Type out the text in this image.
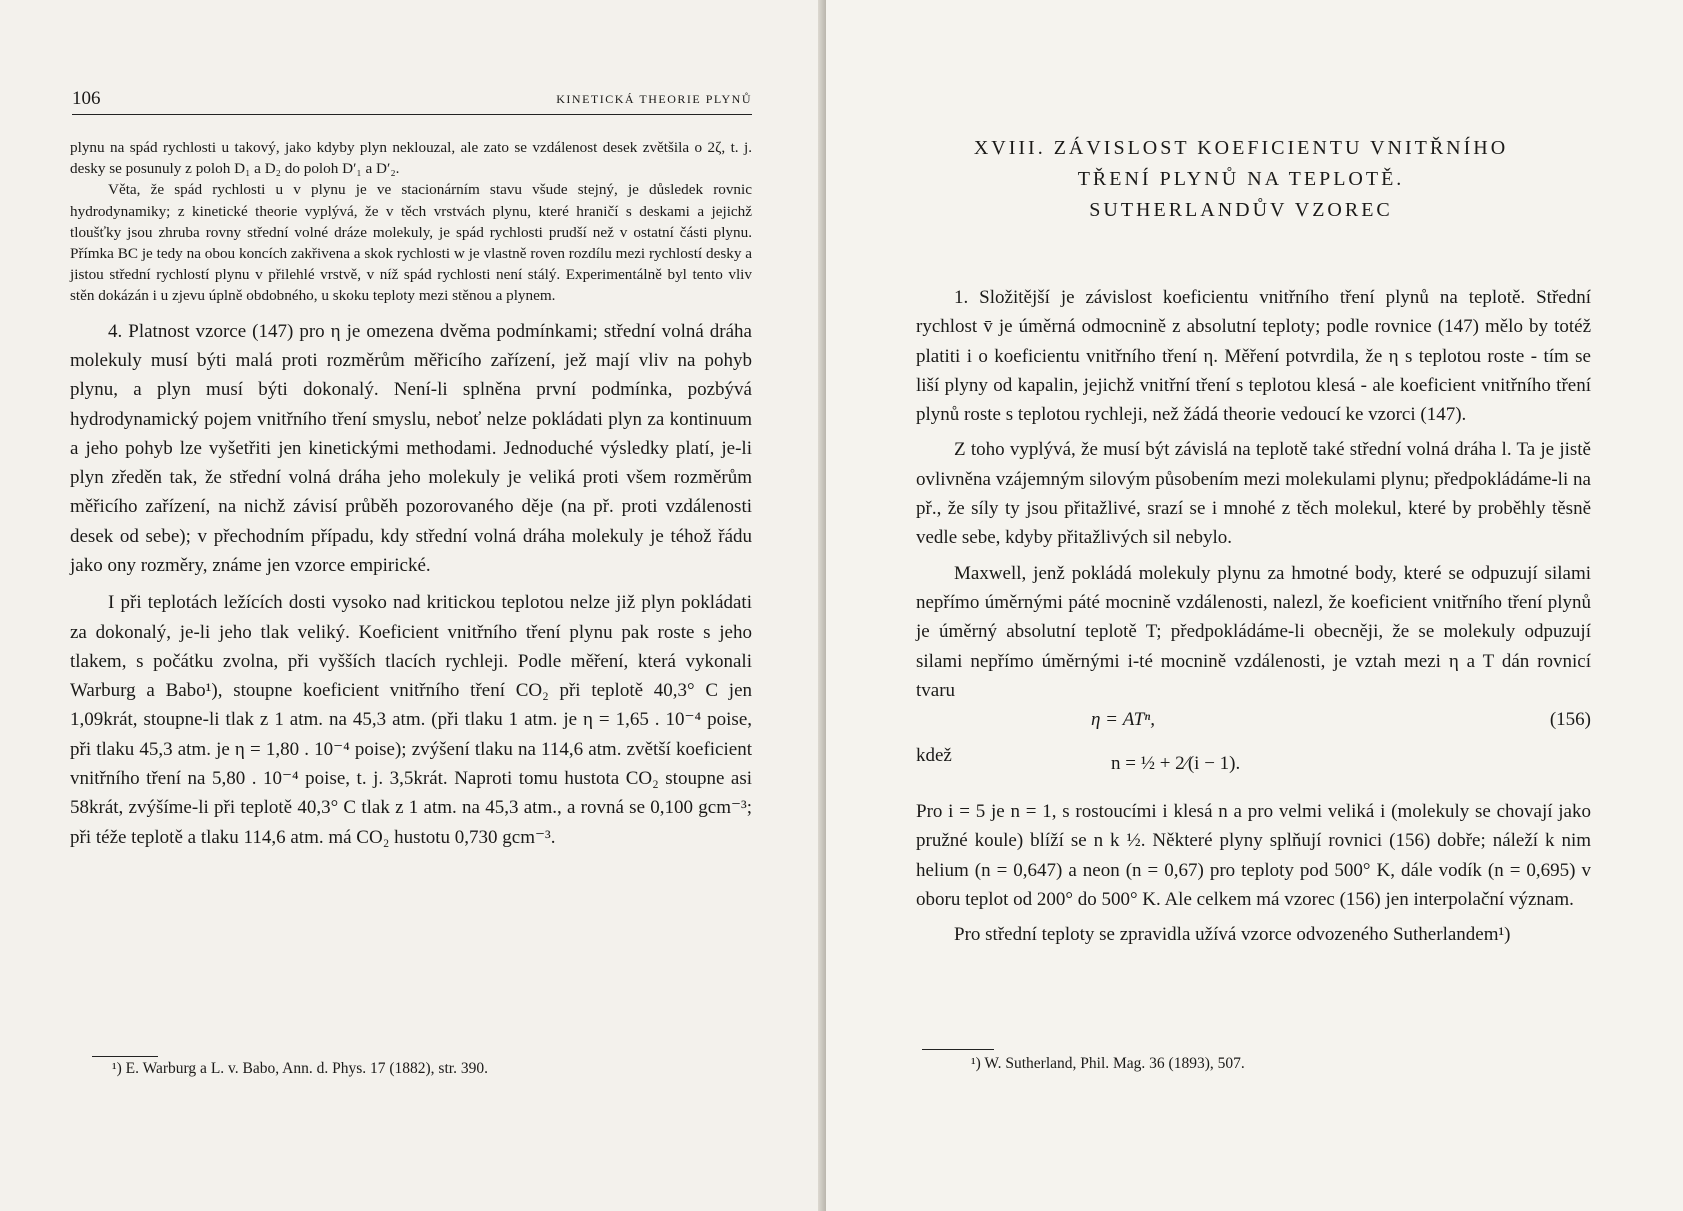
106	KINETICKÁ THEORIE PLYNŮ

plynu na spád rychlosti u takový, jako kdyby plyn neklouzal, ale zato se vzdálenost desek zvětšila o 2ζ, t. j. desky se posunuly z poloh D₁ a D₂ do poloh D′₁ a D′₂.

Věta, že spád rychlosti u v plynu je ve stacionárním stavu všude stejný, je důsledek rovnic hydrodynamiky; z kinetické theorie vyplývá, že v těch vrstvách plynu, které hraničí s deskami a jejichž tloušťky jsou zhruba rovny střední volné dráze molekuly, je spád rychlosti prudší než v ostatní části plynu. Přímka BC je tedy na obou koncích zakřivena a skok rychlosti w je vlastně roven rozdílu mezi rychlostí desky a jistou střední rychlostí plynu v přilehlé vrstvě, v níž spád rychlosti není stálý. Experimentálně byl tento vliv stěn dokázán i u zjevu úplně obdobného, u skoku teploty mezi stěnou a plynem.

4. Platnost vzorce (147) pro η je omezena dvěma podmínkami; střední volná dráha molekuly musí býti malá proti rozměrům měřicího zařízení, jež mají vliv na pohyb plynu, a plyn musí býti dokonalý. Není-li splněna první podmínka, pozbývá hydrodynamický pojem vnitřního tření smyslu, neboť nelze pokládati plyn za kontinuum a jeho pohyb lze vyšetřiti jen kinetickými methodami. Jednoduché výsledky platí, je-li plyn zředěn tak, že střední volná dráha jeho molekuly je veliká proti všem rozměrům měřicího zařízení, na nichž závisí průběh pozorovaného děje (na př. proti vzdálenosti desek od sebe); v přechodním případu, kdy střední volná dráha molekuly je téhož řádu jako ony rozměry, známe jen vzorce empirické.

I při teplotách ležících dosti vysoko nad kritickou teplotou nelze již plyn pokládati za dokonalý, je-li jeho tlak veliký. Koeficient vnitřního tření plynu pak roste s jeho tlakem, s počátku zvolna, při vyšších tlacích rychleji. Podle měření, která vykonali Warburg a Babo¹), stoupne koeficient vnitřního tření CO₂ při teplotě 40,3° C jen 1,09krát, stoupne-li tlak z 1 atm. na 45,3 atm. (při tlaku 1 atm. je η = 1,65 . 10⁻⁴ poise, při tlaku 45,3 atm. je η = 1,80 . 10⁻⁴ poise); zvýšení tlaku na 114,6 atm. zvětší koeficient vnitřního tření na 5,80 . 10⁻⁴ poise, t. j. 3,5krát. Naproti tomu hustota CO₂ stoupne asi 58krát, zvýšíme-li při teplotě 40,3° C tlak z 1 atm. na 45,3 atm., a rovná se 0,100 gcm⁻³; při téže teplotě a tlaku 114,6 atm. má CO₂ hustotu 0,730 gcm⁻³.

¹) E. Warburg a L. v. Babo, Ann. d. Phys. 17 (1882), str. 390.
XVIII. ZÁVISLOST KOEFICIENTU VNITŘNÍHO
TŘENÍ PLYNŮ NA TEPLOTĚ.
SUTHERLANDŮV VZOREC

1. Složitější je závislost koeficientu vnitřního tření plynů na teplotě. Střední rychlost v̄ je úměrná odmocnině z absolutní teploty; podle rovnice (147) mělo by totéž platiti i o koeficientu vnitřního tření η. Měření potvrdila, že η s teplotou roste - tím se liší plyny od kapalin, jejichž vnitřní tření s teplotou klesá - ale koeficient vnitřního tření plynů roste s teplotou rychleji, než žádá theorie vedoucí ke vzorci (147).

Z toho vyplývá, že musí být závislá na teplotě také střední volná dráha l. Ta je jistě ovlivněna vzájemným silovým působením mezi molekulami plynu; předpokládáme-li na př., že síly ty jsou přitažlivé, srazí se i mnohé z těch molekul, které by proběhly těsně vedle sebe, kdyby přitažlivých sil nebylo.

Maxwell, jenž pokládá molekuly plynu za hmotné body, které se odpuzují silami nepřímo úměrnými páté mocnině vzdálenosti, nalezl, že koeficient vnitřního tření plynů je úměrný absolutní teplotě T; předpokládáme-li obecněji, že se molekuly odpuzují silami nepřímo úměrnými i-té mocnině vzdálenosti, je vztah mezi η a T dán rovnicí tvaru

η = ATⁿ,	(156)
kdež	n = ½ + 2⁄(i − 1).

Pro i = 5 je n = 1, s rostoucími i klesá n a pro velmi veliká i (molekuly se chovají jako pružné koule) blíží se n k ½. Některé plyny splňují rovnici (156) dobře; náleží k nim helium (n = 0,647) a neon (n = 0,67) pro teploty pod 500° K, dále vodík (n = 0,695) v oboru teplot od 200° do 500° K. Ale celkem má vzorec (156) jen interpolační význam.

Pro střední teploty se zpravidla užívá vzorce odvozeného Sutherlandem¹)

¹) W. Sutherland, Phil. Mag. 36 (1893), 507.
